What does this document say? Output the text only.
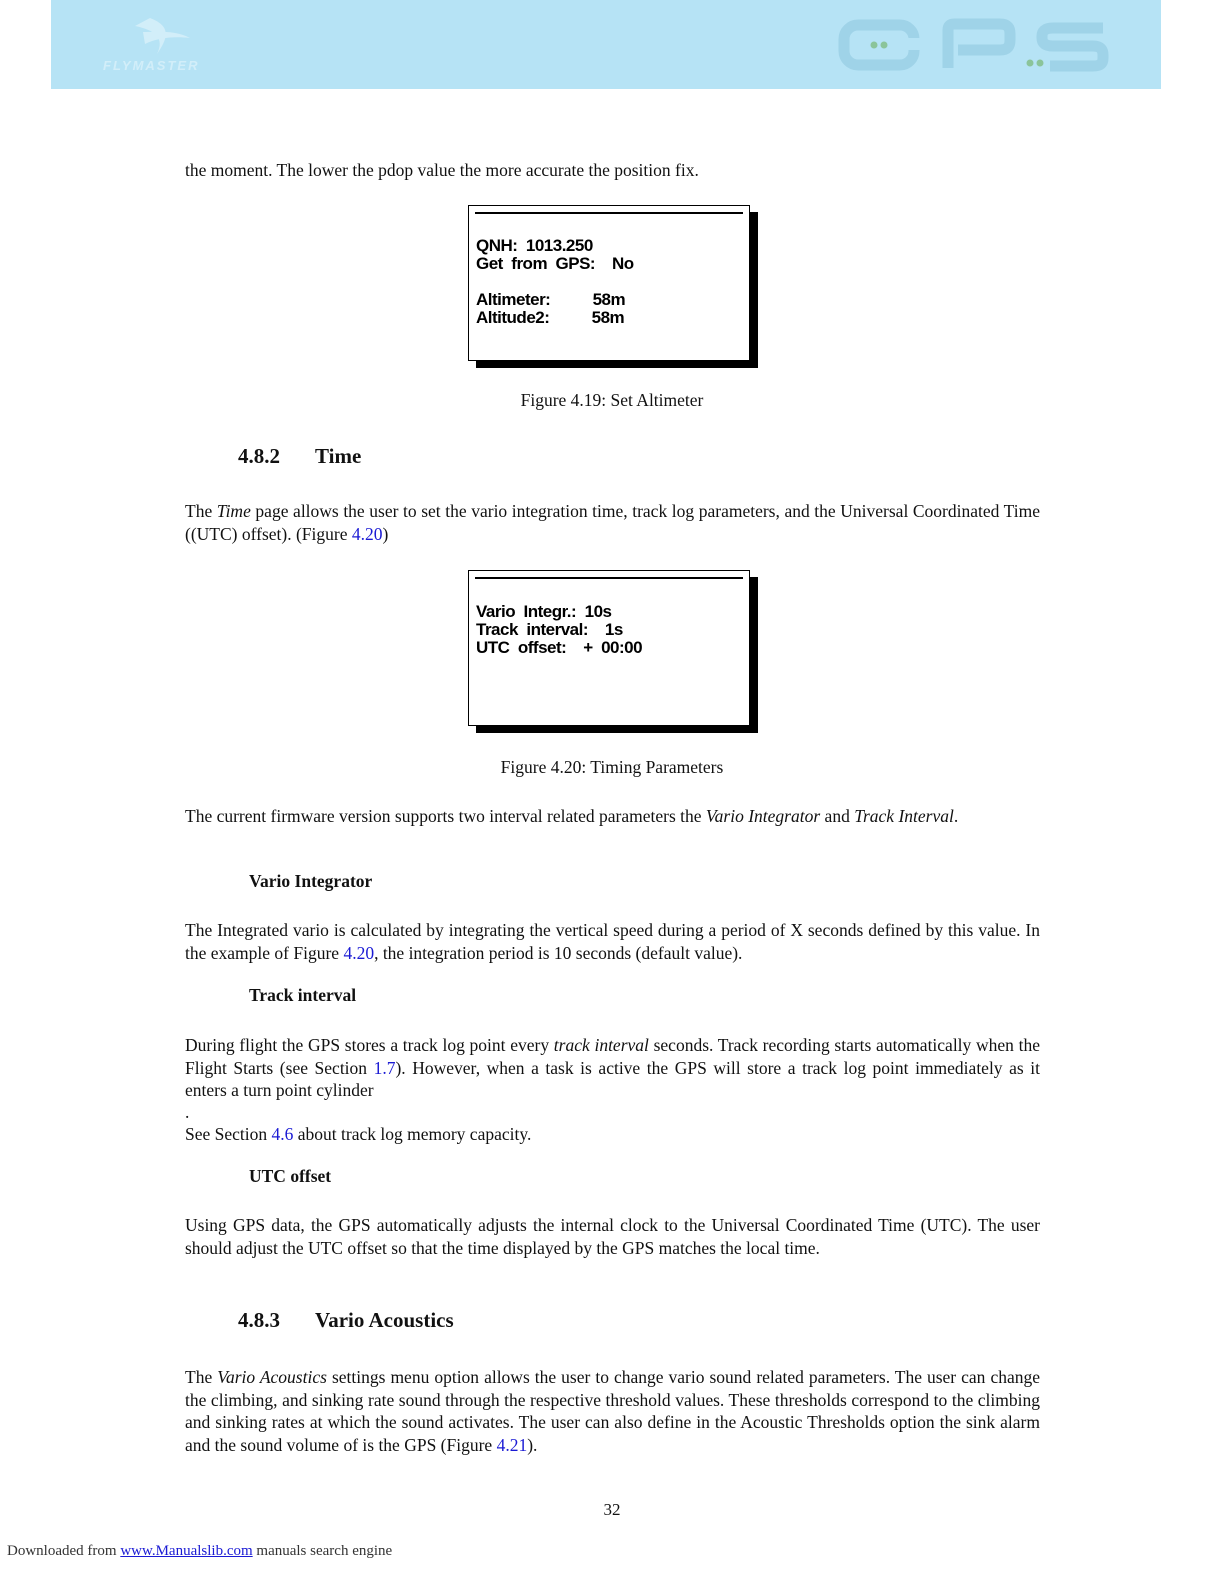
FLYMASTER
the moment. The lower the pdop value the more accurate the position fix.
QNH:  1013.250
Get  from  GPS:    No
Altimeter:          58m
Altitude2:          58m
Figure 4.19: Set Altimeter
4.8.2 Time
The Time page allows the user to set the vario integration time, track log parameters, and the Universal Coordinated Time ((UTC) offset). (Figure 4.20)
Vario  Integr.:  10s
Track  interval:    1s
UTC  offset:    +  00:00
Figure 4.20: Timing Parameters
The current firmware version supports two interval related parameters the Vario Integrator and Track Interval.
Vario Integrator
The Integrated vario is calculated by integrating the vertical speed during a period of X seconds defined by this value. In the example of Figure 4.20, the integration period is 10 seconds (default value).
Track interval
During flight the GPS stores a track log point every track interval seconds. Track recording starts automatically when the Flight Starts (see Section 1.7). However, when a task is active the GPS will store a track log point immediately as it enters a turn point cylinder
.
See Section 4.6 about track log memory capacity.
UTC offset
Using GPS data, the GPS automatically adjusts the internal clock to the Universal Coordinated Time (UTC). The user should adjust the UTC offset so that the time displayed by the GPS matches the local time.
4.8.3 Vario Acoustics
The Vario Acoustics settings menu option allows the user to change vario sound related parameters. The user can change the climbing, and sinking rate sound through the respective threshold values. These thresholds correspond to the climbing and sinking rates at which the sound activates. The user can also define in the Acoustic Thresholds option the sink alarm and the sound volume of is the GPS (Figure 4.21).
32
Downloaded from www.Manualslib.com manuals search engine
